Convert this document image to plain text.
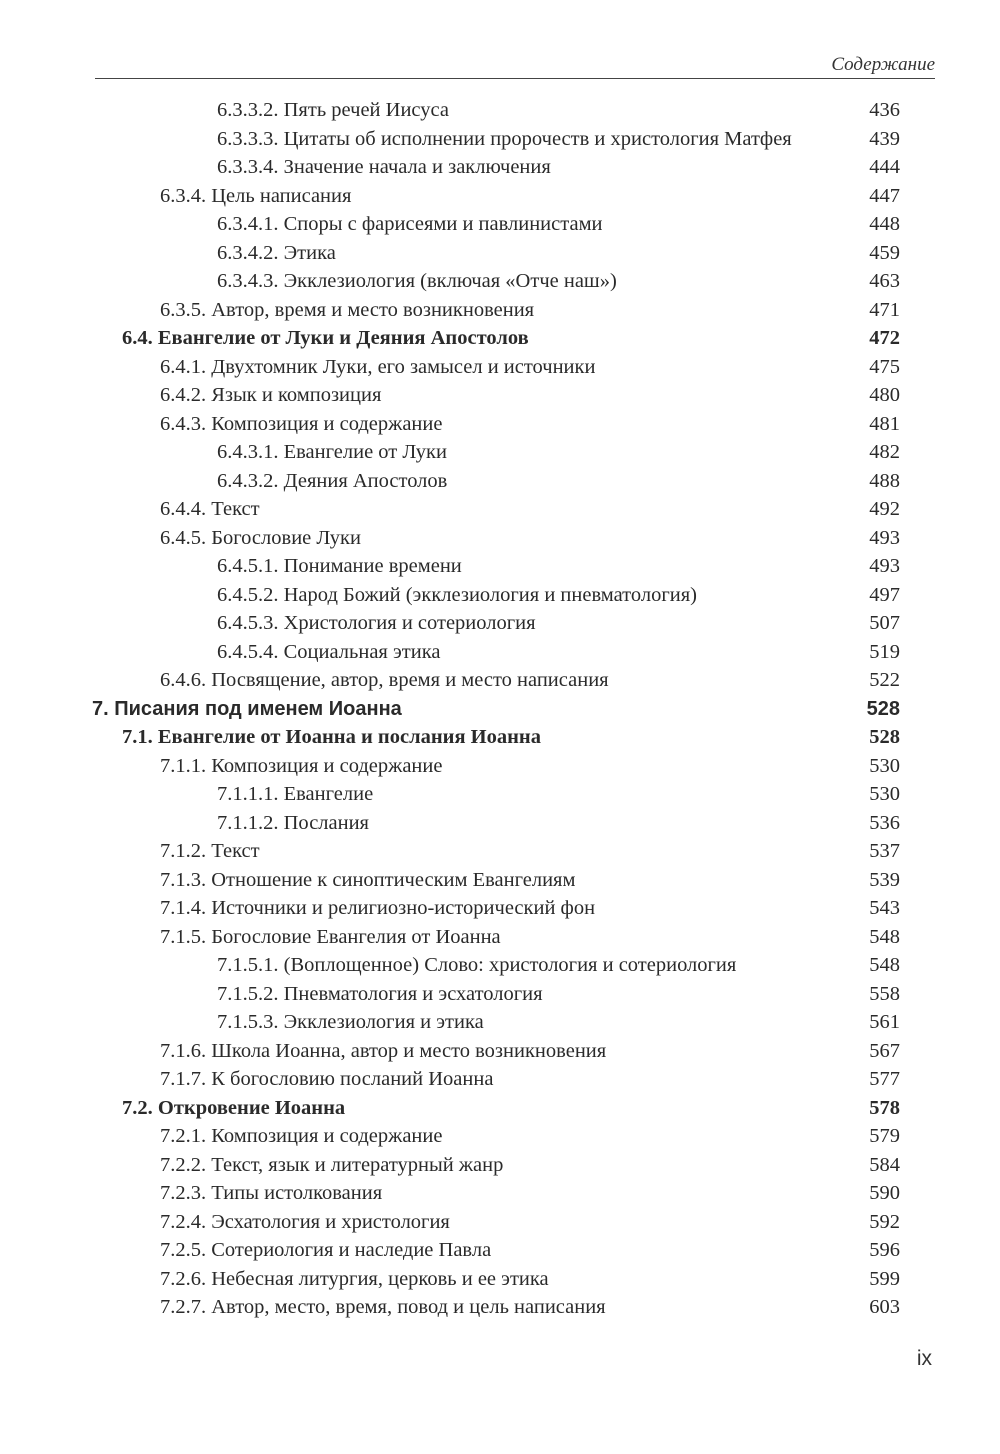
Содержание
6.3.3.2. Пять речей Иисуса	436
6.3.3.3. Цитаты об исполнении пророчеств и христология Матфея	439
6.3.3.4. Значение начала и заключения	444
6.3.4. Цель написания	447
6.3.4.1. Споры с фарисеями и павлинистами	448
6.3.4.2. Этика	459
6.3.4.3. Экклезиология (включая «Отче наш»)	463
6.3.5. Автор, время и место возникновения	471
6.4. Евангелие от Луки и Деяния Апостолов	472
6.4.1. Двухтомник Луки, его замысел и источники	475
6.4.2. Язык и композиция	480
6.4.3. Композиция и содержание	481
6.4.3.1. Евангелие от Луки	482
6.4.3.2. Деяния Апостолов	488
6.4.4. Текст	492
6.4.5. Богословие Луки	493
6.4.5.1. Понимание времени	493
6.4.5.2. Народ Божий (экклезиология и пневматология)	497
6.4.5.3. Христология и сотериология	507
6.4.5.4. Социальная этика	519
6.4.6. Посвящение, автор, время и место написания	522
7. Писания под именем Иоанна	528
7.1. Евангелие от Иоанна и послания Иоанна	528
7.1.1. Композиция и содержание	530
7.1.1.1. Евангелие	530
7.1.1.2. Послания	536
7.1.2. Текст	537
7.1.3. Отношение к синоптическим Евангелиям	539
7.1.4. Источники и религиозно-исторический фон	543
7.1.5. Богословие Евангелия от Иоанна	548
7.1.5.1. (Воплощенное) Слово: христология и сотериология	548
7.1.5.2. Пневматология и эсхатология	558
7.1.5.3. Экклезиология и этика	561
7.1.6. Школа Иоанна, автор и место возникновения	567
7.1.7. К богословию посланий Иоанна	577
7.2. Откровение Иоанна	578
7.2.1. Композиция и содержание	579
7.2.2. Текст, язык и литературный жанр	584
7.2.3. Типы истолкования	590
7.2.4. Эсхатология и христология	592
7.2.5. Сотериология и наследие Павла	596
7.2.6. Небесная литургия, церковь и ее этика	599
7.2.7. Автор, место, время, повод и цель написания	603
ix
